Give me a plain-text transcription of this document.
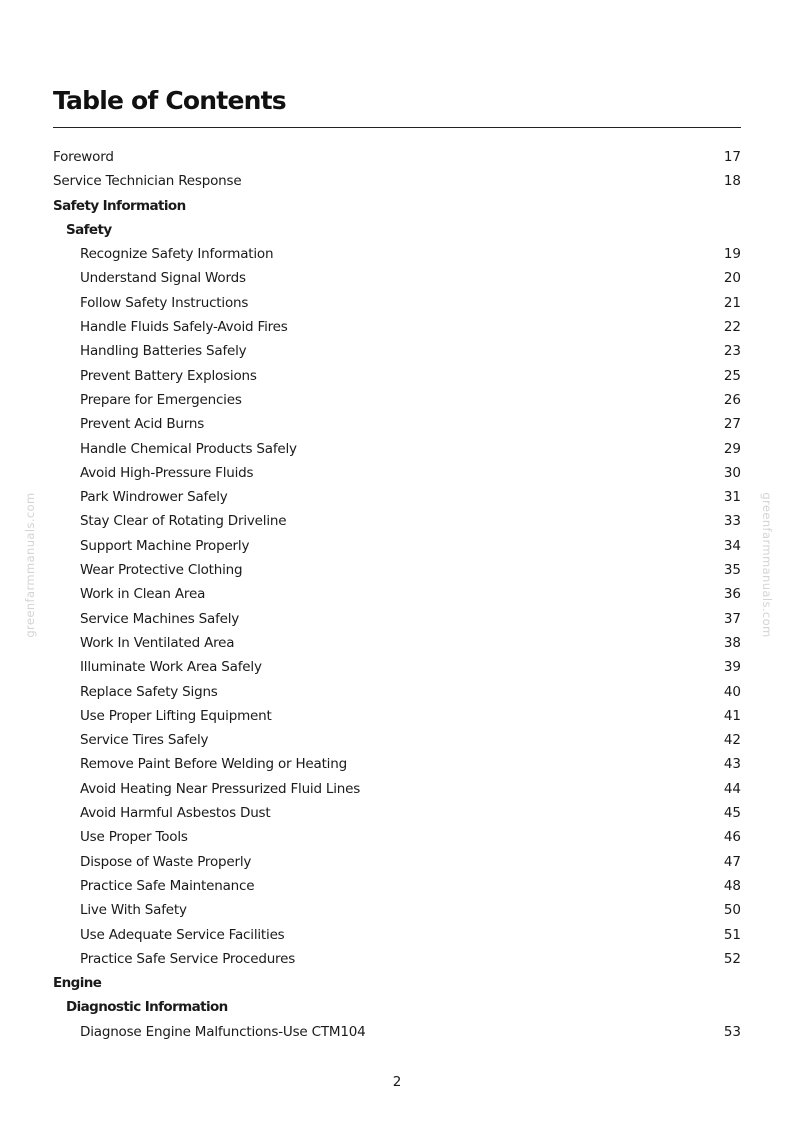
Table of Contents
Foreword	17
Service Technician Response	18
Safety Information
Safety
Recognize Safety Information	19
Understand Signal Words	20
Follow Safety Instructions	21
Handle Fluids Safely-Avoid Fires	22
Handling Batteries Safely	23
Prevent Battery Explosions	25
Prepare for Emergencies	26
Prevent Acid Burns	27
Handle Chemical Products Safely	29
Avoid High-Pressure Fluids	30
Park Windrower Safely	31
Stay Clear of Rotating Driveline	33
Support Machine Properly	34
Wear Protective Clothing	35
Work in Clean Area	36
Service Machines Safely	37
Work In Ventilated Area	38
Illuminate Work Area Safely	39
Replace Safety Signs	40
Use Proper Lifting Equipment	41
Service Tires Safely	42
Remove Paint Before Welding or Heating	43
Avoid Heating Near Pressurized Fluid Lines	44
Avoid Harmful Asbestos Dust	45
Use Proper Tools	46
Dispose of Waste Properly	47
Practice Safe Maintenance	48
Live With Safety	50
Use Adequate Service Facilities	51
Practice Safe Service Procedures	52
Engine
Diagnostic Information
Diagnose Engine Malfunctions-Use CTM104	53
greenfarmmanuals.com	greenfarmmanuals.com
2
